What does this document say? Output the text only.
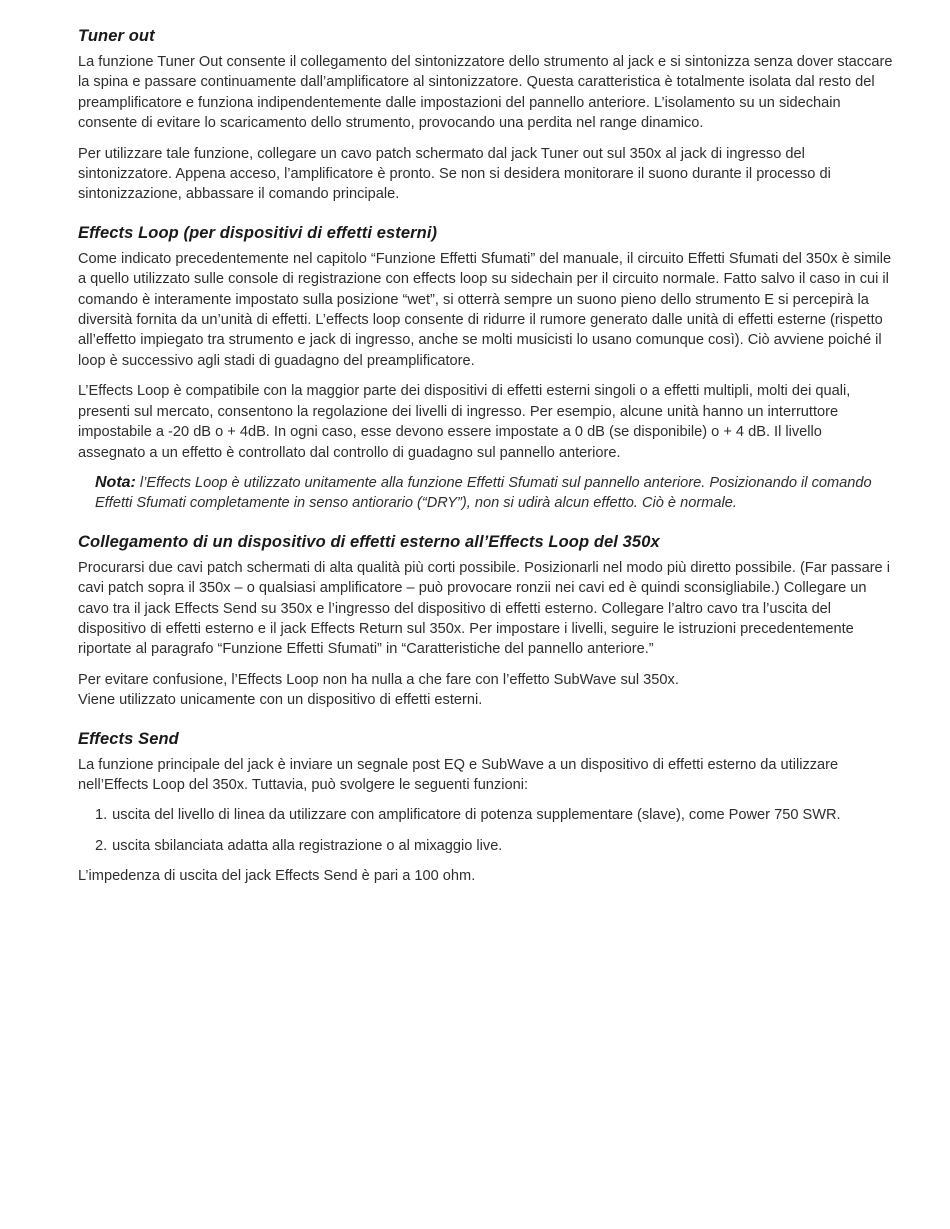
Tuner out

La funzione Tuner Out consente il collegamento del sintonizzatore dello strumento al jack e si sintonizza senza dover staccare la spina e passare continuamente dall’amplificatore al sintonizzatore. Questa caratteristica è totalmente isolata dal resto del preamplificatore e funziona indipendentemente dalle impostazioni del pannello anteriore. L’isolamento su un sidechain consente di evitare lo scaricamento dello strumento, provocando una perdita nel range dinamico.

Per utilizzare tale funzione, collegare un cavo patch schermato dal jack Tuner out sul 350x al jack di ingresso del sintonizzatore. Appena acceso, l’amplificatore è pronto. Se non si desidera monitorare il suono durante il processo di sintonizzazione, abbassare il comando principale.

Effects Loop (per dispositivi di effetti esterni)

Come indicato precedentemente nel capitolo “Funzione Effetti Sfumati” del manuale, il circuito Effetti Sfumati del 350x è simile a quello utilizzato sulle console di registrazione con effects loop su sidechain per il circuito normale. Fatto salvo il caso in cui il comando è interamente impostato sulla posizione “wet”, si otterrà sempre un suono pieno dello strumento E si percepirà la diversità fornita da un’unità di effetti. L’effects loop consente di ridurre il rumore generato dalle unità di effetti esterne (rispetto all’effetto impiegato tra strumento e jack di ingresso, anche se molti musicisti lo usano comunque così). Ciò avviene poiché il loop è successivo agli stadi di guadagno del preamplificatore.

L’Effects Loop è compatibile con la maggior parte dei dispositivi di effetti esterni singoli o a effetti multipli, molti dei quali, presenti sul mercato, consentono la regolazione dei livelli di ingresso. Per esempio, alcune unità hanno un interruttore impostabile a -20 dB o + 4dB. In ogni caso, esse devono essere impostate a 0 dB (se disponibile) o + 4 dB. Il livello assegnato a un effetto è controllato dal controllo di guadagno sul pannello anteriore.

Nota: l’Effects Loop è utilizzato unitamente alla funzione Effetti Sfumati sul pannello anteriore. Posizionando il comando Effetti Sfumati completamente in senso antiorario (“DRY”), non si udirà alcun effetto. Ciò è normale.

Collegamento di un dispositivo di effetti esterno all’Effects Loop del 350x

Procurarsi due cavi patch schermati di alta qualità più corti possibile. Posizionarli nel modo più diretto possibile. (Far passare i cavi patch sopra il 350x – o qualsiasi amplificatore – può provocare ronzii nei cavi ed è quindi sconsigliabile.) Collegare un cavo tra il jack Effects Send su 350x e l’ingresso del dispositivo di effetti esterno. Collegare l’altro cavo tra l’uscita del dispositivo di effetti esterno e il jack Effects Return sul 350x. Per impostare i livelli, seguire le istruzioni precedentemente riportate al paragrafo “Funzione Effetti Sfumati” in “Caratteristiche del pannello anteriore.”

Per evitare confusione, l’Effects Loop non ha nulla a che fare con l’effetto SubWave sul 350x.
Viene utilizzato unicamente con un dispositivo di effetti esterni.

Effects Send

La funzione principale del jack è inviare un segnale post EQ e SubWave a un dispositivo di effetti esterno da utilizzare nell’Effects Loop del 350x. Tuttavia, può svolgere le seguenti funzioni:

1. uscita del livello di linea da utilizzare con amplificatore di potenza supplementare (slave), come Power 750 SWR.
2. uscita sbilanciata adatta alla registrazione o al mixaggio live.

L’impedenza di uscita del jack Effects Send è pari a 100 ohm.
